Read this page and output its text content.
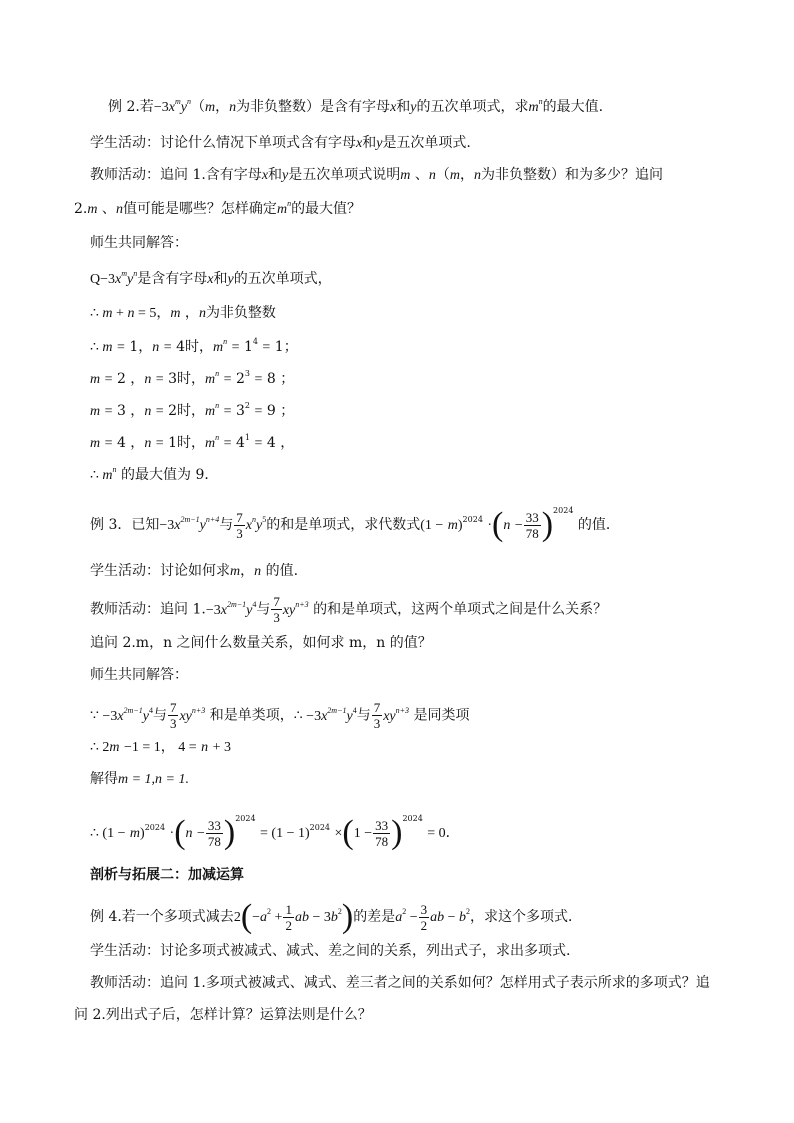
例 2.若$-3x^my^n(m$，n为非负整数）是含有字母x和y的五次单项式，求$m^n$的最大值.
学生活动：讨论什么情况下单项式含有字母x和y是五次单项式.
教师活动：追问 1.含有字母x和y是五次单项式说明m 、n（m，n为非负整数）和为多少？追问
2.m 、n值可能是哪些？怎样确定$m^n$的最大值？
师生共同解答：
$Q-3x^my^n$是含有字母x和y的五次单项式，
∴ m + n = 5，m ，n为非负整数
∴ m = 1，n = 4时，$m^n = 1^4 = 1$；
m = 2 ，n = 3时，$m^n = 2^3 = 8$ ；
m = 3 ，n = 2时，$m^n = 3^2 = 9$ ；
m = 4 ，n = 1时，$m^n = 4^1 = 4$ ，
∴ $m^n$ 的最大值为 9．
例 3．已知$-3x^{2m-1}y^{n+4}$与 $\frac{7}{3} x^ny^5$的和是单项式，求代数式$(1 - m)^{2024} \cdot(n - \frac{33}{78} )^{2024}$ 的值．
学生活动：讨论如何求m，n 的值.
教师活动：追问 $1.-3x^{2m-1}y^4$与 $\frac{7}{3} xy^{n+3}$ 的和是单项式，这两个单项式之间是什么关系？
追问 2.m，n 之间什么数量关系，如何求 m，n 的值？
师生共同解答：
∵ $-3x^{2m-1}y^4$与 $\frac{7}{3} xy^{n+3}$ 和是单类项，∴ $-3x^{2m-1}y^4$与 $\frac{7}{3} xy^{n+3}$ 是同类项
∴ 2m −1 = 1， 4 = n + 3
解得m = 1,n = 1.
∴ $(1 - m)^{2024} \cdot(n - \frac{33}{78} )^{2024} = (1 - 1)^{2024} \times(1 - \frac{33}{78} )^{2024} = 0$．
剖析与拓展二：加减运算
例 4.若一个多项式减去$2(-a^2 + \frac{1}{2}$ ab − $3b^2$)的差是$a^2 - \frac{3}{2}$ ab − $b^2$，求这个多项式．
学生活动：讨论多项式被减式、减式、差之间的关系，列出式子，求出多项式.
教师活动：追问 1.多项式被减式、减式、差三者之间的关系如何？怎样用式子表示所求的多项式？追
问 2.列出式子后，怎样计算？运算法则是什么？
